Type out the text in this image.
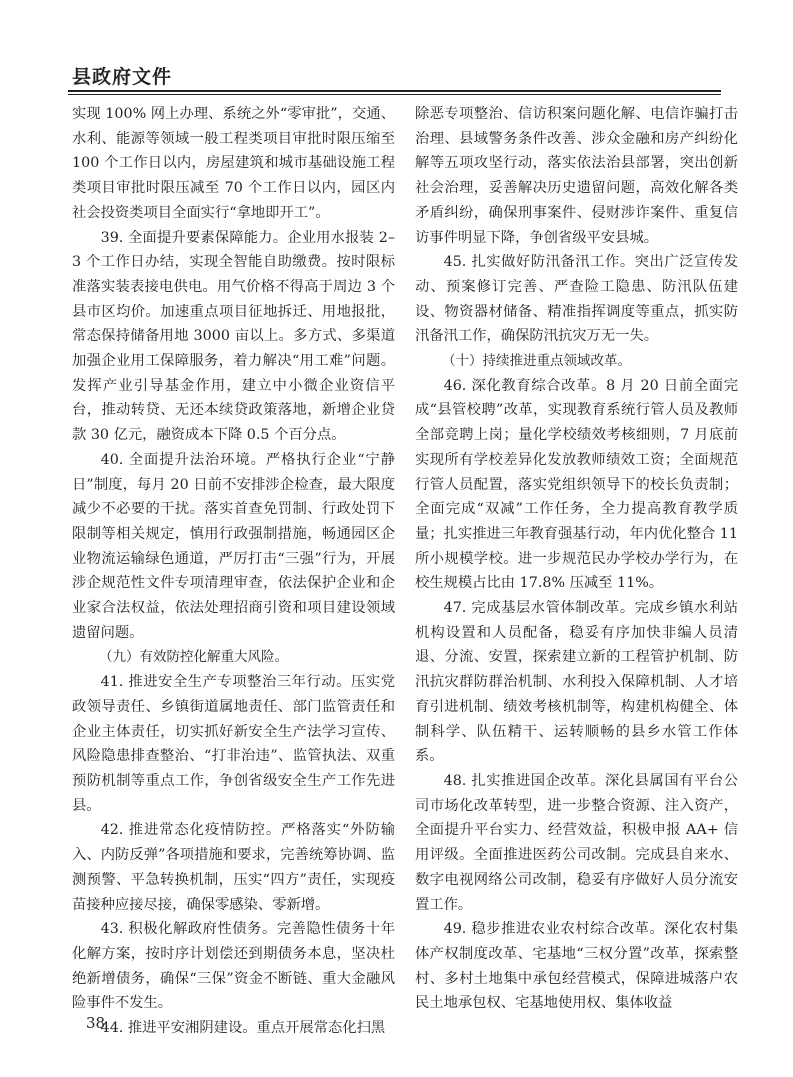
县政府文件

实现 100% 网上办理、系统之外“零审批”，交通、水利、能源等领域一般工程类项目审批时限压缩至 100 个工作日以内，房屋建筑和城市基础设施工程类项目审批时限压减至 70 个工作日以内，园区内社会投资类项目全面实行“拿地即开工”。

39. 全面提升要素保障能力。企业用水报装 2–3 个工作日办结，实现全智能自助缴费。按时限标准落实装表接电供电。用气价格不得高于周边 3 个县市区均价。加速重点项目征地拆迁、用地报批，常态保持储备用地 3000 亩以上。多方式、多渠道加强企业用工保障服务，着力解决“用工难”问题。发挥产业引导基金作用，建立中小微企业资信平台，推动转贷、无还本续贷政策落地，新增企业贷款 30 亿元，融资成本下降 0.5 个百分点。

40. 全面提升法治环境。严格执行企业“宁静日”制度，每月 20 日前不安排涉企检查，最大限度减少不必要的干扰。落实首查免罚制、行政处罚下限制等相关规定，慎用行政强制措施，畅通园区企业物流运输绿色通道，严厉打击“三强”行为，开展涉企规范性文件专项清理审查，依法保护企业和企业家合法权益，依法处理招商引资和项目建设领域遗留问题。

（九）有效防控化解重大风险。

41. 推进安全生产专项整治三年行动。压实党政领导责任、乡镇街道属地责任、部门监管责任和企业主体责任，切实抓好新安全生产法学习宣传、风险隐患排查整治、“打非治违”、监管执法、双重预防机制等重点工作，争创省级安全生产工作先进县。

42. 推进常态化疫情防控。严格落实“外防输入、内防反弹”各项措施和要求，完善统筹协调、监测预警、平急转换机制，压实“四方”责任，实现疫苗接种应接尽接，确保零感染、零新增。

43. 积极化解政府性债务。完善隐性债务十年化解方案，按时序计划偿还到期债务本息，坚决杜绝新增债务，确保“三保”资金不断链、重大金融风险事件不发生。

44. 推进平安湘阴建设。重点开展常态化扫黑

除恶专项整治、信访积案问题化解、电信诈骗打击治理、县域警务条件改善、涉众金融和房产纠纷化解等五项攻坚行动，落实依法治县部署，突出创新社会治理，妥善解决历史遗留问题，高效化解各类矛盾纠纷，确保刑事案件、侵财涉诈案件、重复信访事件明显下降，争创省级平安县城。

45. 扎实做好防汛备汛工作。突出广泛宣传发动、预案修订完善、严查险工隐患、防汛队伍建设、物资器材储备、精准指挥调度等重点，抓实防汛备汛工作，确保防汛抗灾万无一失。

（十）持续推进重点领域改革。

46. 深化教育综合改革。8 月 20 日前全面完成“县管校聘”改革，实现教育系统行管人员及教师全部竞聘上岗；量化学校绩效考核细则，7 月底前实现所有学校差异化发放教师绩效工资；全面规范行管人员配置，落实党组织领导下的校长负责制；全面完成“双减”工作任务，全力提高教育教学质量；扎实推进三年教育强基行动，年内优化整合 11 所小规模学校。进一步规范民办学校办学行为，在校生规模占比由 17.8% 压减至 11%。

47. 完成基层水管体制改革。完成乡镇水利站机构设置和人员配备，稳妥有序加快非编人员清退、分流、安置，探索建立新的工程管护机制、防汛抗灾群防群治机制、水利投入保障机制、人才培育引进机制、绩效考核机制等，构建机构健全、体制科学、队伍精干、运转顺畅的县乡水管工作体系。

48. 扎实推进国企改革。深化县属国有平台公司市场化改革转型，进一步整合资源、注入资产，全面提升平台实力、经营效益，积极申报 AA+ 信用评级。全面推进医药公司改制。完成县自来水、数字电视网络公司改制，稳妥有序做好人员分流安置工作。

49. 稳步推进农业农村综合改革。深化农村集体产权制度改革、宅基地“三权分置”改革，探索整村、多村土地集中承包经营模式，保障进城落户农民土地承包权、宅基地使用权、集体收益

38
